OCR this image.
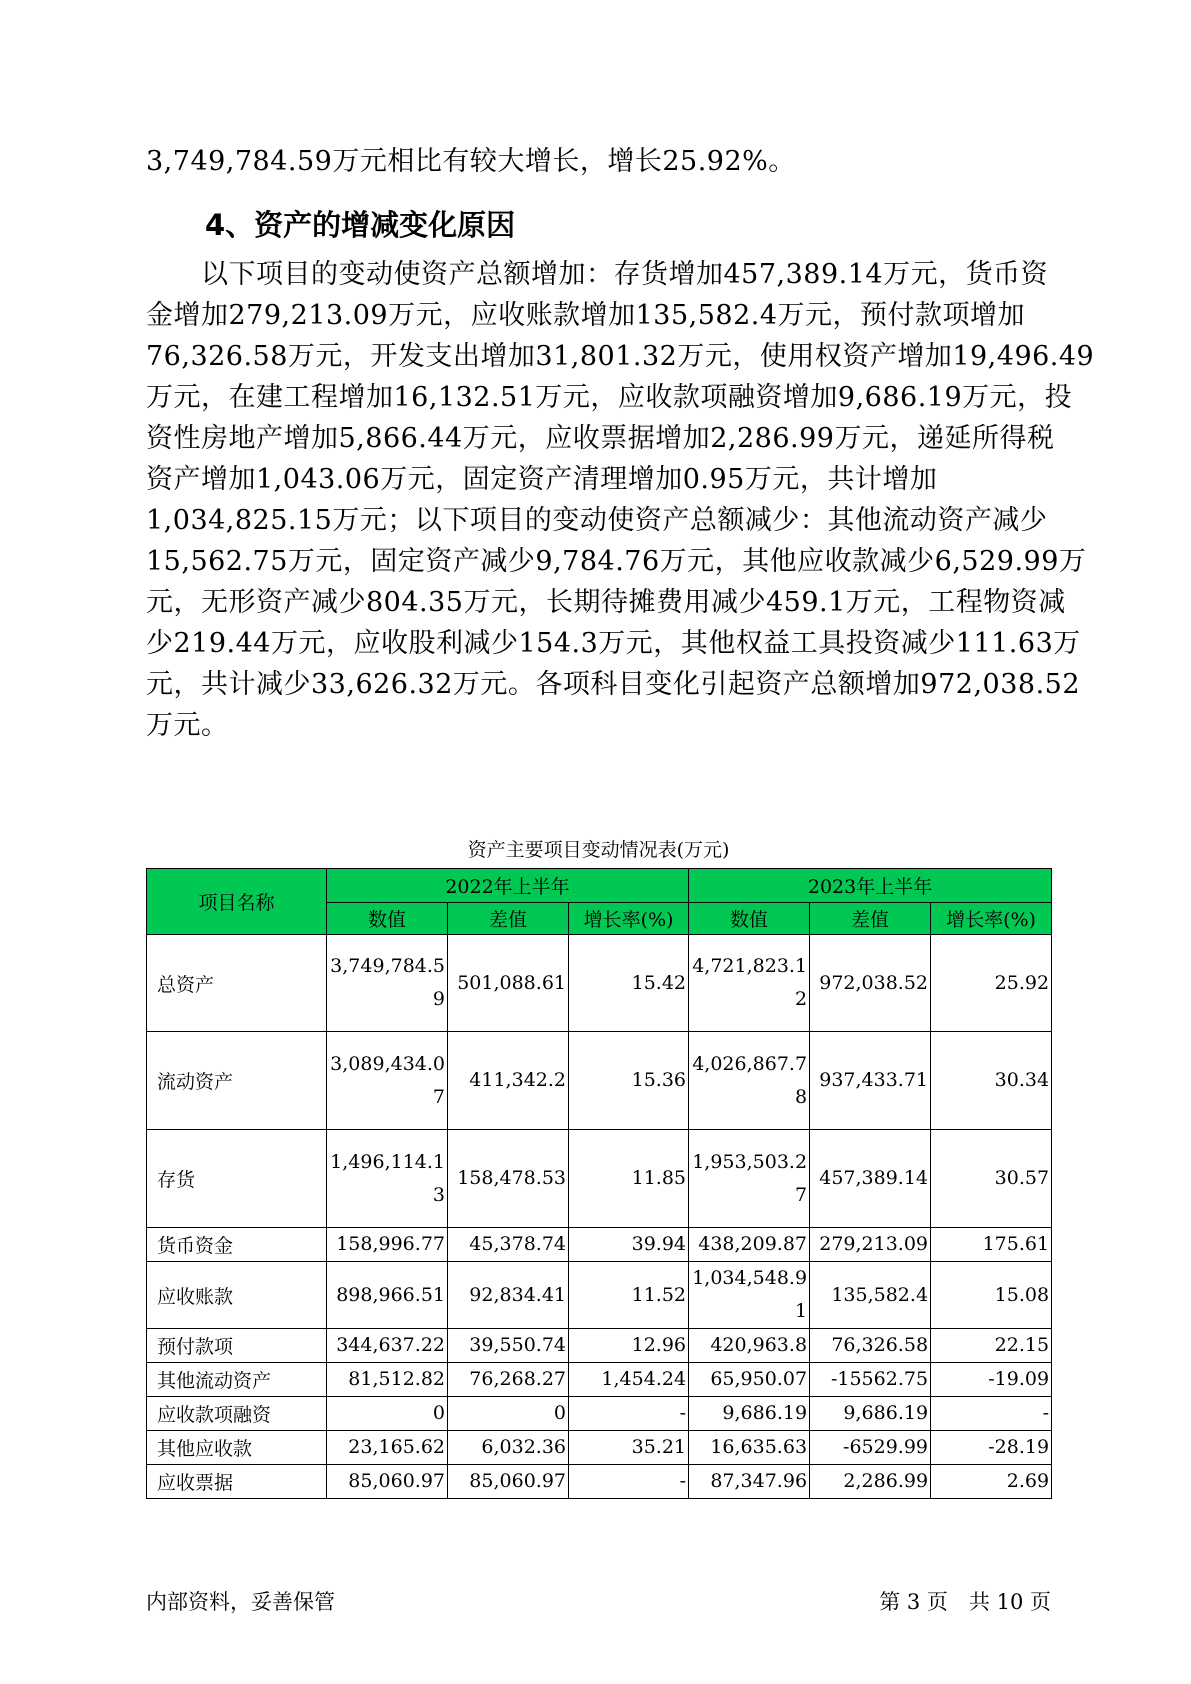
3,749,784.59万元相比有较大增长，增长25.92%。
4、资产的增减变化原因
　　以下项目的变动使资产总额增加：存货增加457,389.14万元，货币资
金增加279,213.09万元，应收账款增加135,582.4万元，预付款项增加
76,326.58万元，开发支出增加31,801.32万元，使用权资产增加19,496.49
万元，在建工程增加16,132.51万元，应收款项融资增加9,686.19万元，投
资性房地产增加5,866.44万元，应收票据增加2,286.99万元，递延所得税
资产增加1,043.06万元，固定资产清理增加0.95万元，共计增加
1,034,825.15万元；以下项目的变动使资产总额减少：其他流动资产减少
15,562.75万元，固定资产减少9,784.76万元，其他应收款减少6,529.99万
元，无形资产减少804.35万元，长期待摊费用减少459.1万元，工程物资减
少219.44万元，应收股利减少154.3万元，其他权益工具投资减少111.63万
元，共计减少33,626.32万元。各项科目变化引起资产总额增加972,038.52
万元。
资产主要项目变动情况表(万元)
项目名称	2022年上半年			2023年上半年		
	数值	差值	增长率(%)	数值	差值	增长率(%)
总资产	3,749,784.59	501,088.61	15.42	4,721,823.12	972,038.52	25.92
流动资产	3,089,434.07	411,342.2	15.36	4,026,867.78	937,433.71	30.34
存货	1,496,114.13	158,478.53	11.85	1,953,503.27	457,389.14	30.57
货币资金	158,996.77	45,378.74	39.94	438,209.87	279,213.09	175.61
应收账款	898,966.51	92,834.41	11.52	1,034,548.91	135,582.4	15.08
预付款项	344,637.22	39,550.74	12.96	420,963.8	76,326.58	22.15
其他流动资产	81,512.82	76,268.27	1,454.24	65,950.07	-15562.75	-19.09
应收款项融资	0	0	-	9,686.19	9,686.19	-
其他应收款	23,165.62	6,032.36	35.21	16,635.63	-6529.99	-28.19
应收票据	85,060.97	85,060.97	-	87,347.96	2,286.99	2.69
内部资料，妥善保管	第 3 页　共 10 页
